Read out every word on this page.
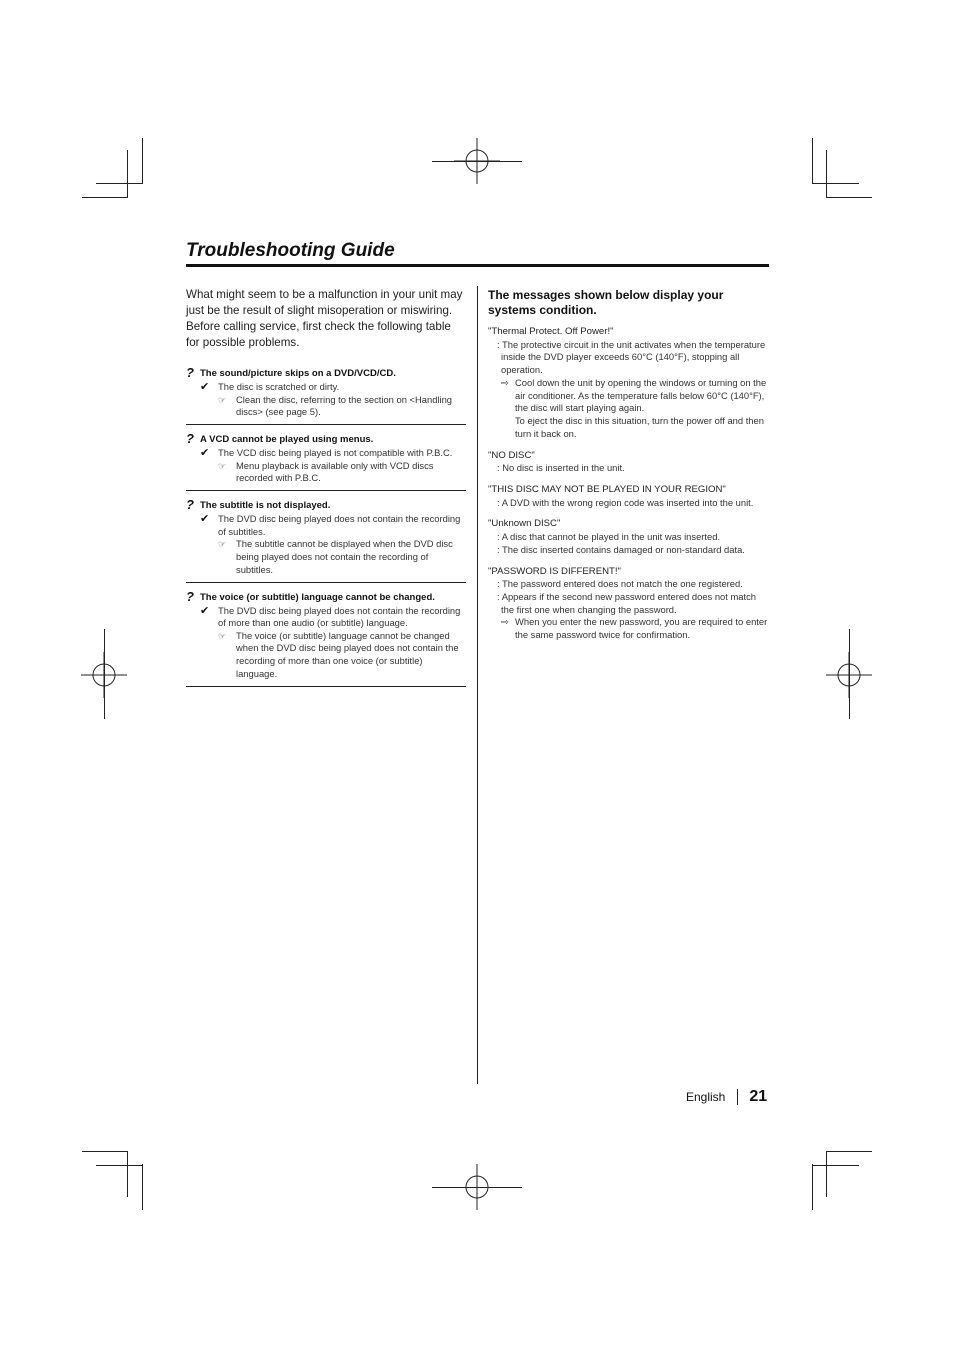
Troubleshooting Guide

What might seem to be a malfunction in your unit may just be the result of slight misoperation or miswiring. Before calling service, first check the following table for possible problems.

? The sound/picture skips on a DVD/VCD/CD.
✔ The disc is scratched or dirty.
☞	Clean the disc, referring to the section on <Handling discs> (see page 5).
? A VCD cannot be played using menus.
✔ The VCD disc being played is not compatible with P.B.C.
☞	Menu playback is available only with VCD discs recorded with P.B.C.
? The subtitle is not displayed.
✔ The DVD disc being played does not contain the recording of subtitles.
☞	The subtitle cannot be displayed when the DVD disc being played does not contain the recording of subtitles.
? The voice (or subtitle) language cannot be changed.
✔ The DVD disc being played does not contain the recording of more than one audio (or subtitle) language.
☞	The voice (or subtitle) language cannot be changed when the DVD disc being played does not contain the recording of more than one voice (or subtitle) language.
The messages shown below display your systems condition.
"Thermal Protect. Off Power!"
: The protective circuit in the unit activates when the temperature inside the DVD player exceeds 60°C (140°F), stopping all operation.
⇨ Cool down the unit by opening the windows or turning on the air conditioner. As the temperature falls below 60°C (140°F), the disc will start playing again.
To eject the disc in this situation, turn the power off and then turn it back on.
"NO DISC"
: No disc is inserted in the unit.
"THIS DISC MAY NOT BE PLAYED IN YOUR REGION"
: A DVD with the wrong region code was inserted into the unit.
"Unknown DISC"
: A disc that cannot be played in the unit was inserted.
: The disc inserted contains damaged or non-standard data.
"PASSWORD IS DIFFERENT!"
: The password entered does not match the one registered.
: Appears if the second new password entered does not match the first one when changing the password.
⇨ When you enter the new password, you are required to enter the same password twice for confirmation.
English 21
